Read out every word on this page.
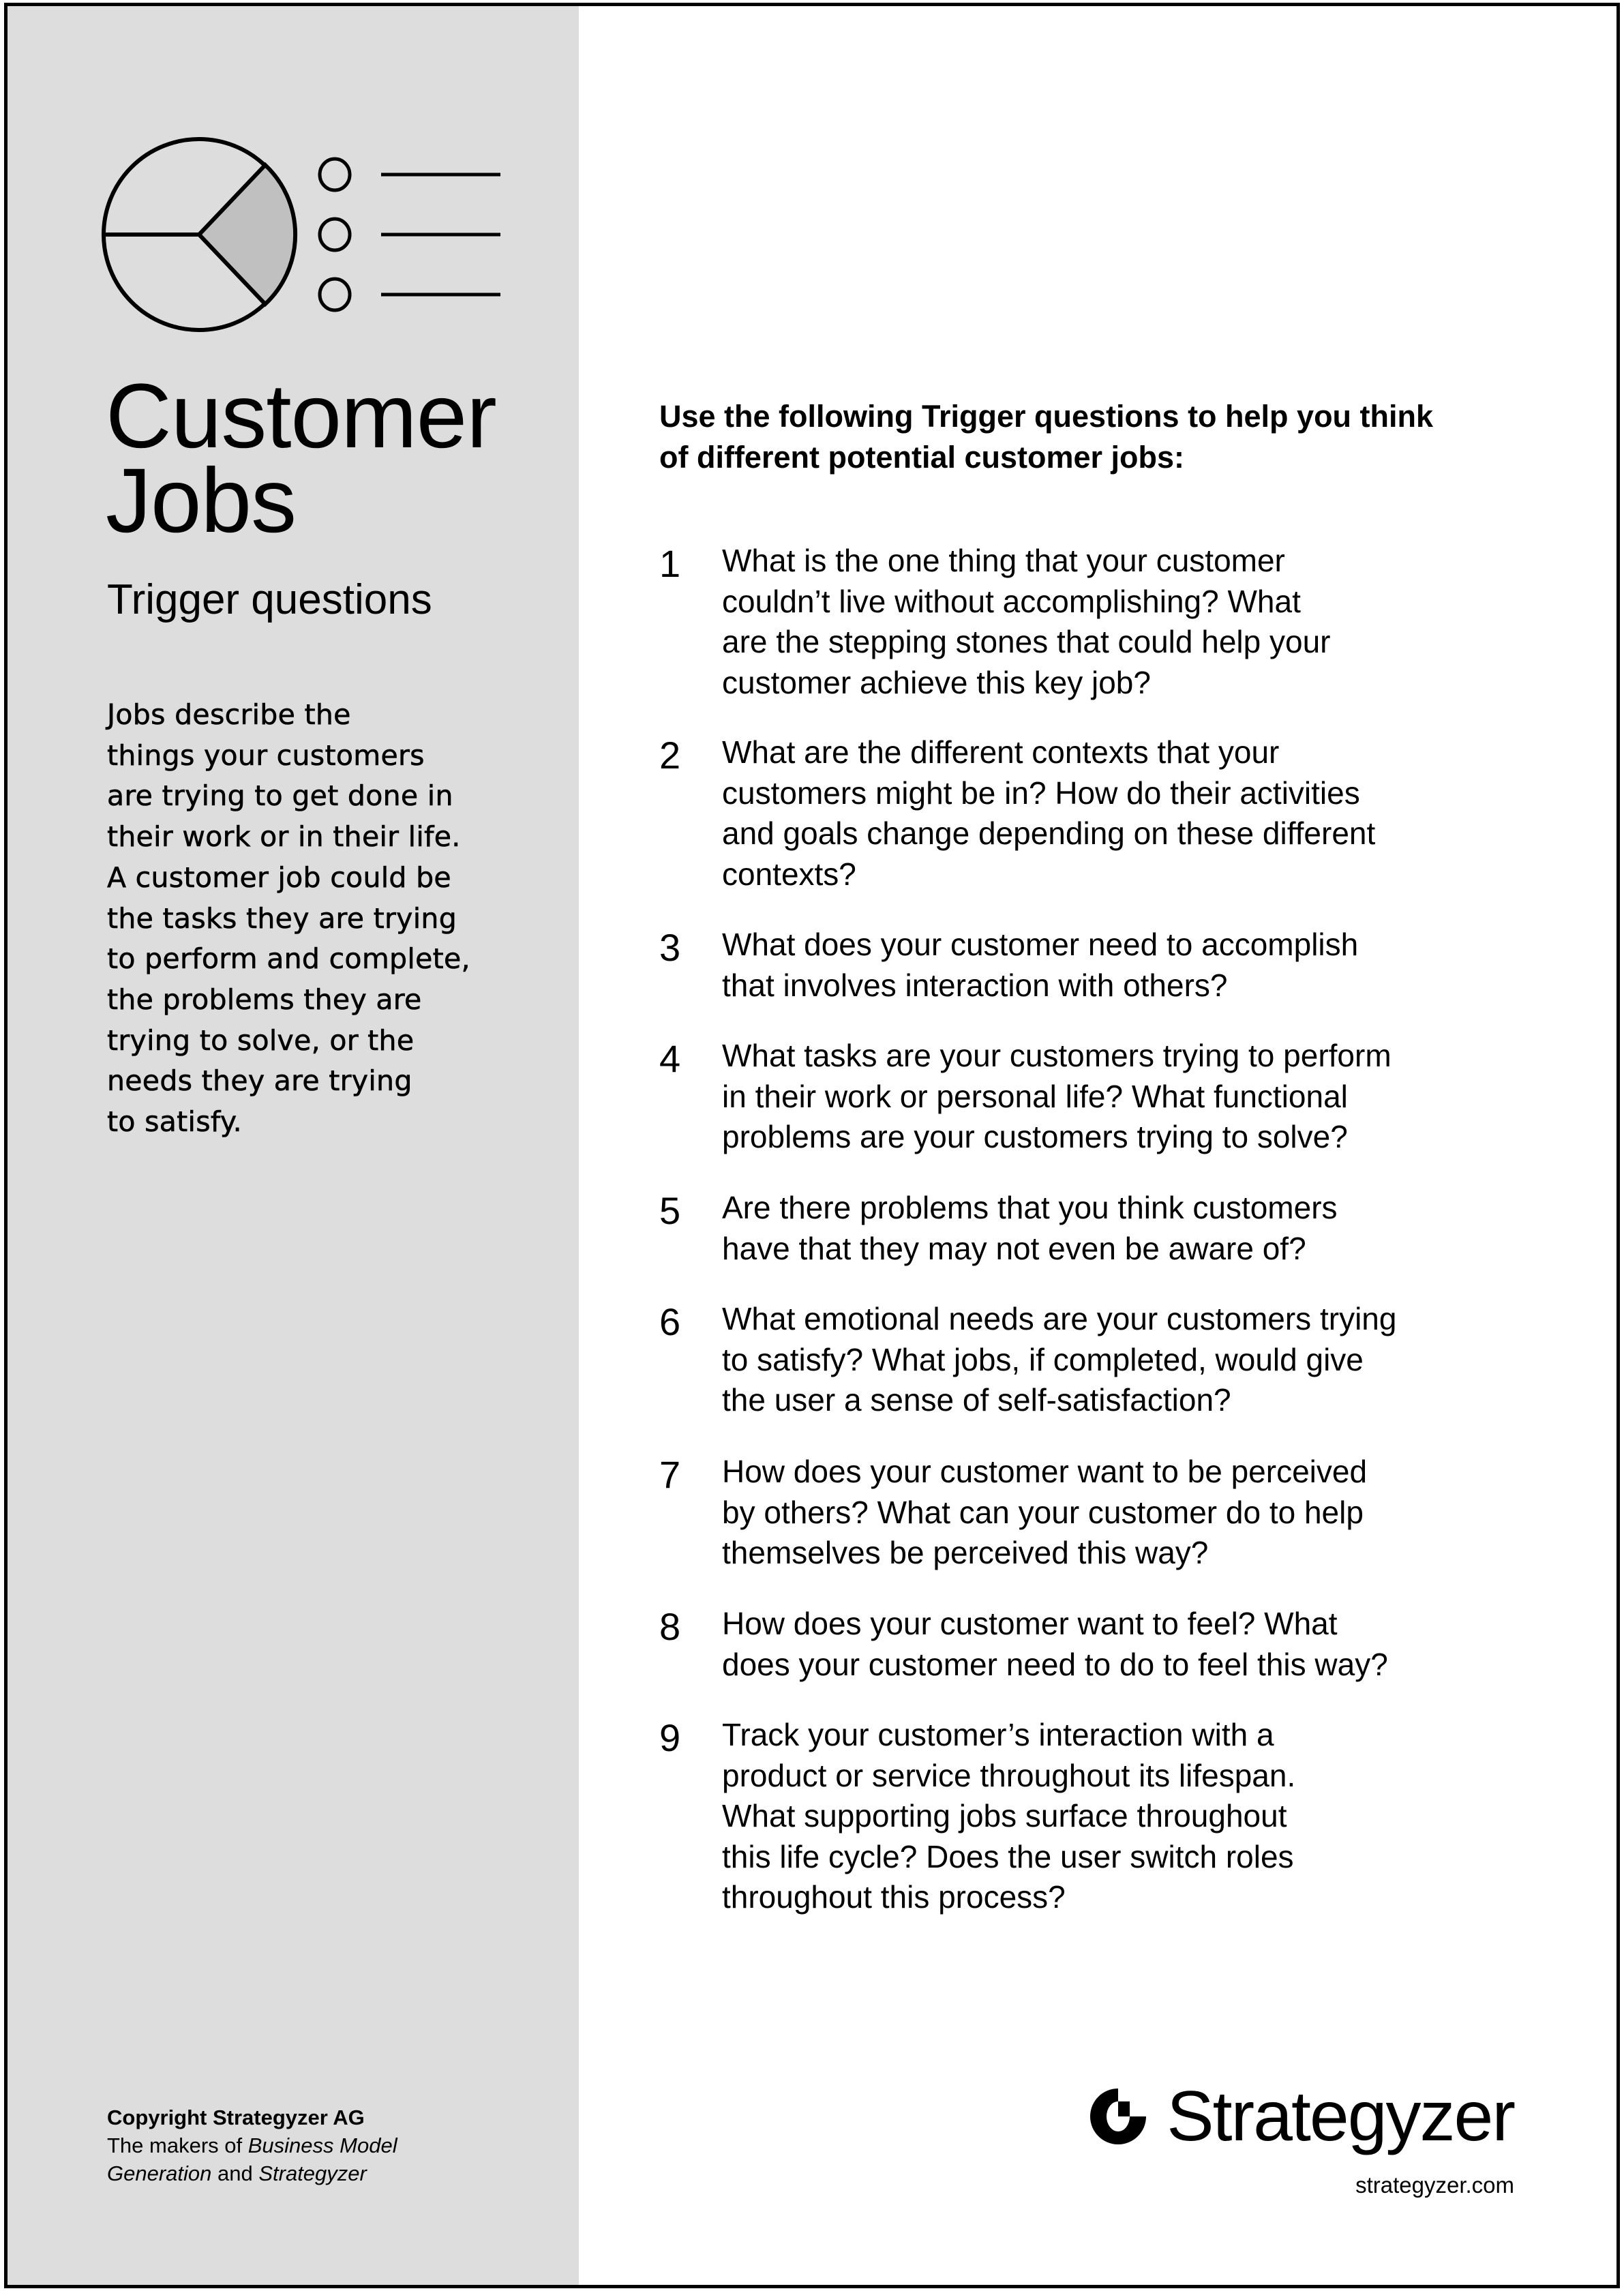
Customer
Jobs
Trigger questions
Jobs describe the
things your customers
are trying to get done in
their work or in their life.
A customer job could be
the tasks they are trying
to perform and complete,
the problems they are
trying to solve, or the
needs they are trying
to satisfy.
Copyright Strategyzer AG
The makers of Business Model
Generation and Strategyzer
Use the following Trigger questions to help you think
of different potential customer jobs:
1	What is the one thing that your customer
couldn’t live without accomplishing? What
are the stepping stones that could help your
customer achieve this key job?
2	What are the different contexts that your
customers might be in? How do their activities
and goals change depending on these different
contexts?
3	What does your customer need to accomplish
that involves interaction with others?
4	What tasks are your customers trying to perform
in their work or personal life? What functional
problems are your customers trying to solve?
5	Are there problems that you think customers
have that they may not even be aware of?
6	What emotional needs are your customers trying
to satisfy? What jobs, if completed, would give
the user a sense of self-satisfaction?
7	How does your customer want to be perceived
by others? What can your customer do to help
themselves be perceived this way?
8	How does your customer want to feel? What
does your customer need to do to feel this way?
9	Track your customer’s interaction with a
product or service throughout its lifespan.
What supporting jobs surface throughout
this life cycle? Does the user switch roles
throughout this process?
Strategyzer
strategyzer.com
